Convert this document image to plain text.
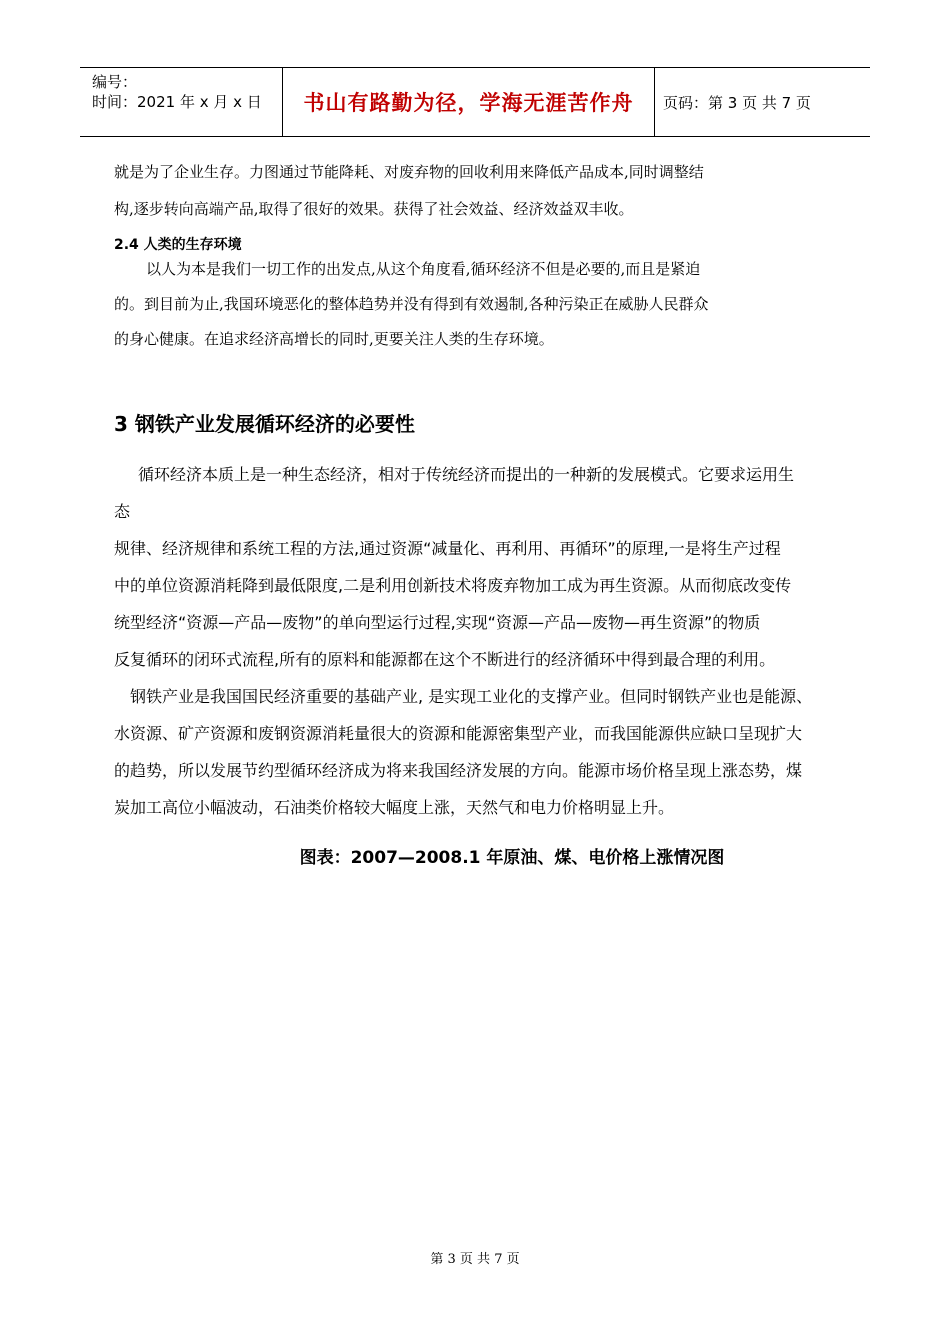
编号：
时间：2021 年 x 月 x 日	书山有路勤为径，学海无涯苦作舟	页码：第 3 页 共 7 页

就是为了企业生存。力图通过节能降耗、对废弃物的回收利用来降低产品成本,同时调整结

构,逐步转向高端产品,取得了很好的效果。获得了社会效益、经济效益双丰收。

2.4 人类的生存环境

以人为本是我们一切工作的出发点,从这个角度看,循环经济不但是必要的,而且是紧迫

的。到目前为止,我国环境恶化的整体趋势并没有得到有效遏制,各种污染正在威胁人民群众

的身心健康。在追求经济高增长的同时,更要关注人类的生存环境。

3 钢铁产业发展循环经济的必要性

循环经济本质上是一种生态经济，相对于传统经济而提出的一种新的发展模式。它要求运用生

态

规律、经济规律和系统工程的方法,通过资源“减量化、再利用、再循环”的原理,一是将生产过程

中的单位资源消耗降到最低限度,二是利用创新技术将废弃物加工成为再生资源。从而彻底改变传

统型经济“资源—产品—废物”的单向型运行过程,实现“资源—产品—废物—再生资源”的物质

反复循环的闭环式流程,所有的原料和能源都在这个不断进行的经济循环中得到最合理的利用。

钢铁产业是我国国民经济重要的基础产业, 是实现工业化的支撑产业。但同时钢铁产业也是能源、

水资源、矿产资源和废钢资源消耗量很大的资源和能源密集型产业，而我国能源供应缺口呈现扩大

的趋势，所以发展节约型循环经济成为将来我国经济发展的方向。能源市场价格呈现上涨态势，煤

炭加工高位小幅波动，石油类价格较大幅度上涨，天然气和电力价格明显上升。

图表：2007—2008.1 年原油、煤、电价格上涨情况图

第 3 页 共 7 页
